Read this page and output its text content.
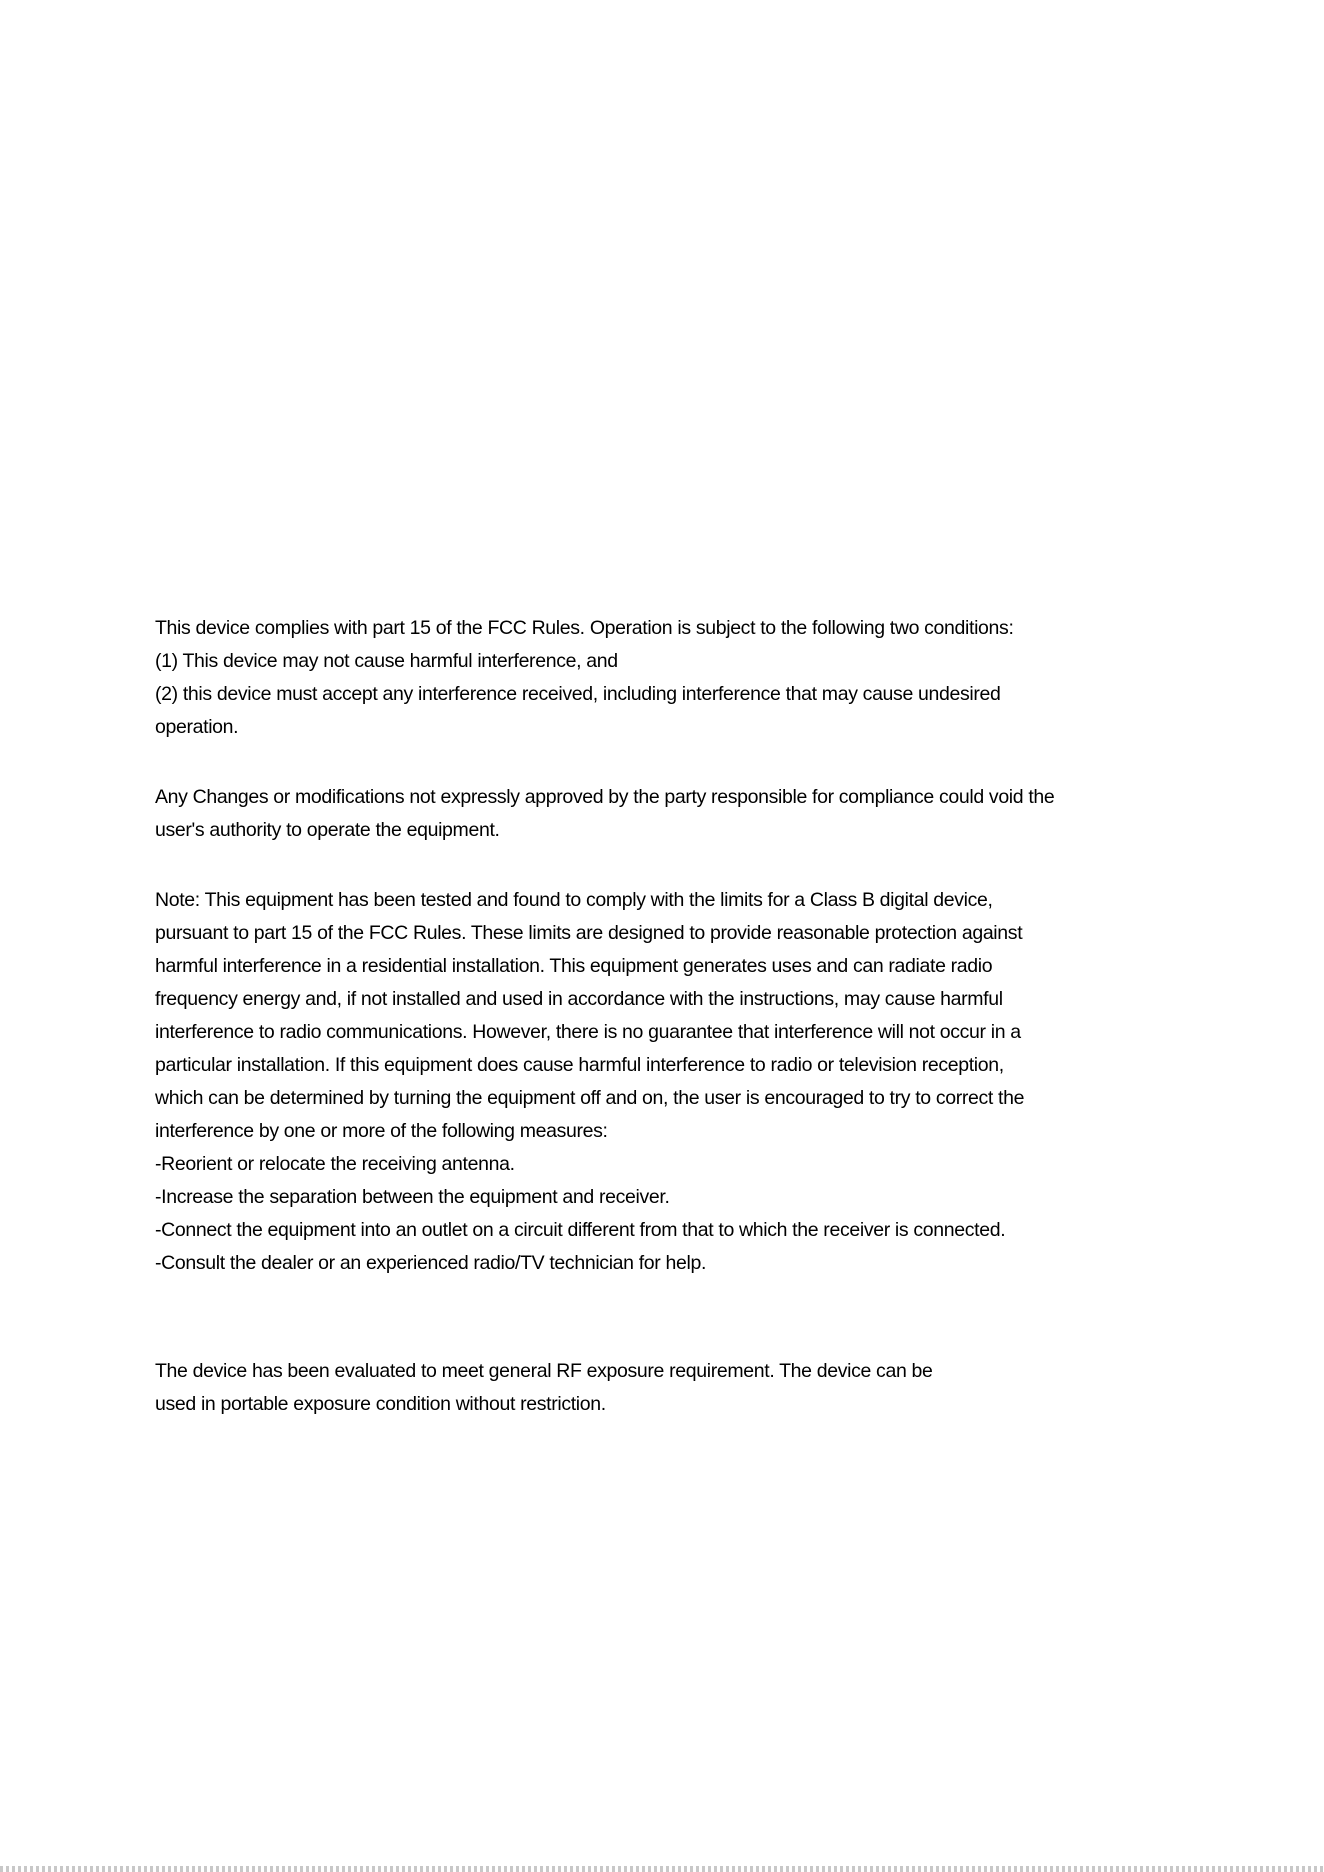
This device complies with part 15 of the FCC Rules. Operation is subject to the following two conditions:
(1) This device may not cause harmful interference, and
(2) this device must accept any interference received, including interference that may cause undesired
operation.

Any Changes or modifications not expressly approved by the party responsible for compliance could void the
user's authority to operate the equipment.

Note: This equipment has been tested and found to comply with the limits for a Class B digital device,
pursuant to part 15 of the FCC Rules. These limits are designed to provide reasonable protection against
harmful interference in a residential installation. This equipment generates uses and can radiate radio
frequency energy and, if not installed and used in accordance with the instructions, may cause harmful
interference to radio communications. However, there is no guarantee that interference will not occur in a
particular installation. If this equipment does cause harmful interference to radio or television reception,
which can be determined by turning the equipment off and on, the user is encouraged to try to correct the
interference by one or more of the following measures:
-Reorient or relocate the receiving antenna.
-Increase the separation between the equipment and receiver.
-Connect the equipment into an outlet on a circuit different from that to which the receiver is connected.
-Consult the dealer or an experienced radio/TV technician for help.

The device has been evaluated to meet general RF exposure requirement. The device can be
used in portable exposure condition without restriction.
